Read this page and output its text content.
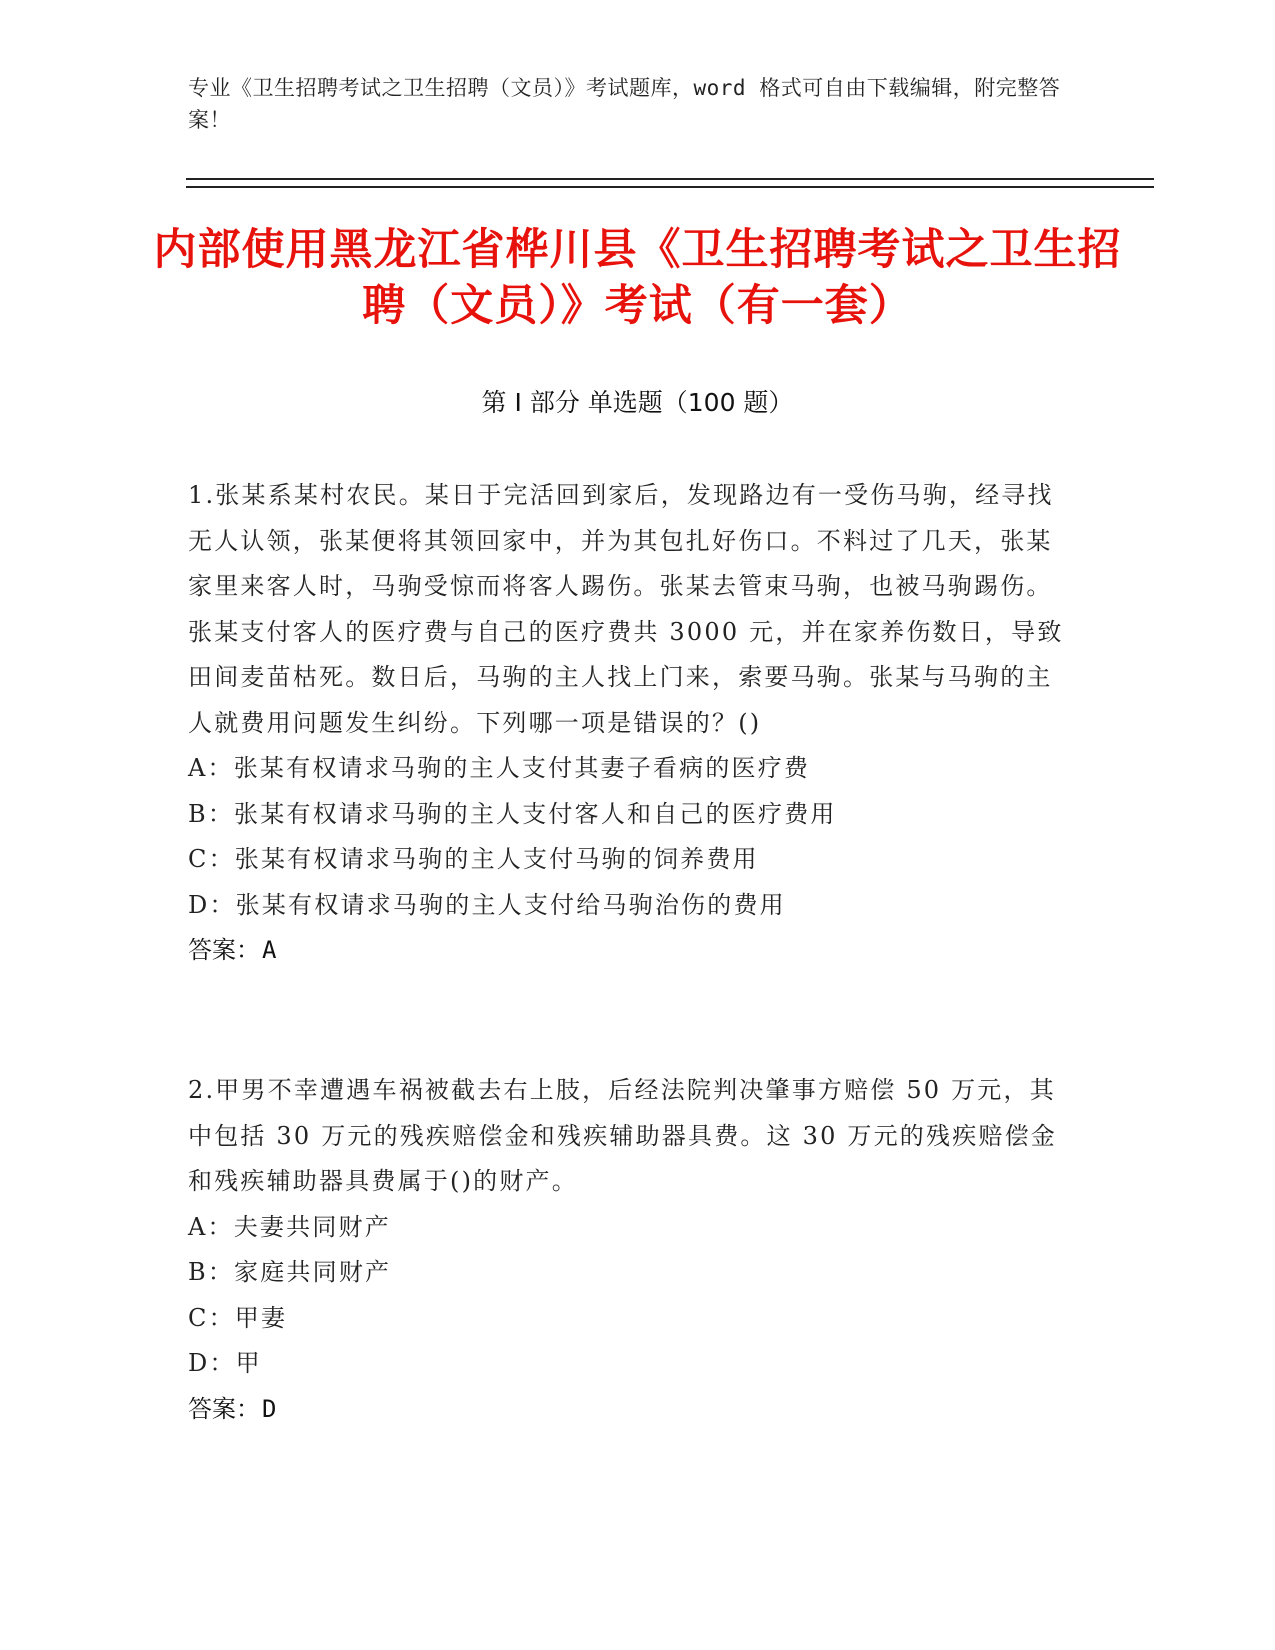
专业《卫生招聘考试之卫生招聘（文员）》考试题库，word 格式可自由下载编辑，附完整答案！
内部使用黑龙江省桦川县《卫生招聘考试之卫生招聘（文员）》考试（有一套）
第 I 部分 单选题（100 题）

1.张某系某村农民。某日于完活回到家后，发现路边有一受伤马驹，经寻找无人认领，张某便将其领回家中，并为其包扎好伤口。不料过了几天，张某家里来客人时，马驹受惊而将客人踢伤。张某去管束马驹，也被马驹踢伤。张某支付客人的医疗费与自己的医疗费共 3000 元，并在家养伤数日，导致田间麦苗枯死。数日后，马驹的主人找上门来，索要马驹。张某与马驹的主人就费用问题发生纠纷。下列哪一项是错误的？()

A：张某有权请求马驹的主人支付其妻子看病的医疗费

B：张某有权请求马驹的主人支付客人和自己的医疗费用

C：张某有权请求马驹的主人支付马驹的饲养费用

D：张某有权请求马驹的主人支付给马驹治伤的费用

答案：A

2.甲男不幸遭遇车祸被截去右上肢，后经法院判决肇事方赔偿 50 万元，其中包括 30 万元的残疾赔偿金和残疾辅助器具费。这 30 万元的残疾赔偿金和残疾辅助器具费属于()的财产。

A：夫妻共同财产

B：家庭共同财产

C：甲妻

D：甲

答案：D
